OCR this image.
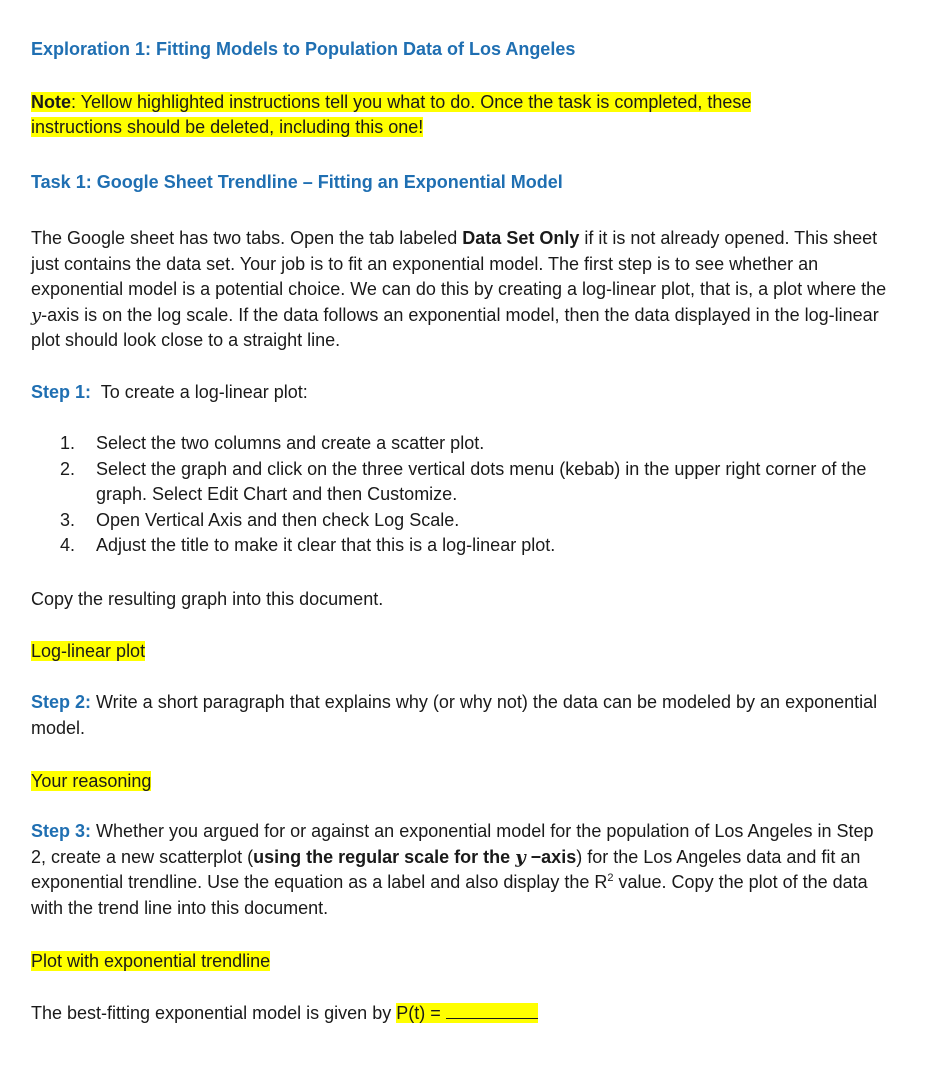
Exploration 1: Fitting Models to Population Data of Los Angeles
Note: Yellow highlighted instructions tell you what to do. Once the task is completed, these
instructions should be deleted, including this one!
Task 1: Google Sheet Trendline – Fitting an Exponential Model
The Google sheet has two tabs. Open the tab labeled Data Set Only if it is not already opened. This sheet just contains the data set. Your job is to fit an exponential model. The first step is to see whether an exponential model is a potential choice. We can do this by creating a log-linear plot, that is, a plot where the y-axis is on the log scale. If the data follows an exponential model, then the data displayed in the log-linear plot should look close to a straight line.
Step 1:  To create a log-linear plot:
1. Select the two columns and create a scatter plot.
2. Select the graph and click on the three vertical dots menu (kebab) in the upper right corner of the graph. Select Edit Chart and then Customize.
3. Open Vertical Axis and then check Log Scale.
4. Adjust the title to make it clear that this is a log-linear plot.
Copy the resulting graph into this document.
Log-linear plot
Step 2: Write a short paragraph that explains why (or why not) the data can be modeled by an exponential model.
Your reasoning
Step 3: Whether you argued for or against an exponential model for the population of Los Angeles in Step 2, create a new scatterplot (using the regular scale for the y −axis) for the Los Angeles data and fit an exponential trendline. Use the equation as a label and also display the $R^2$ value. Copy the plot of the data with the trend line into this document.
Plot with exponential trendline
The best-fitting exponential model is given by P(t) =
